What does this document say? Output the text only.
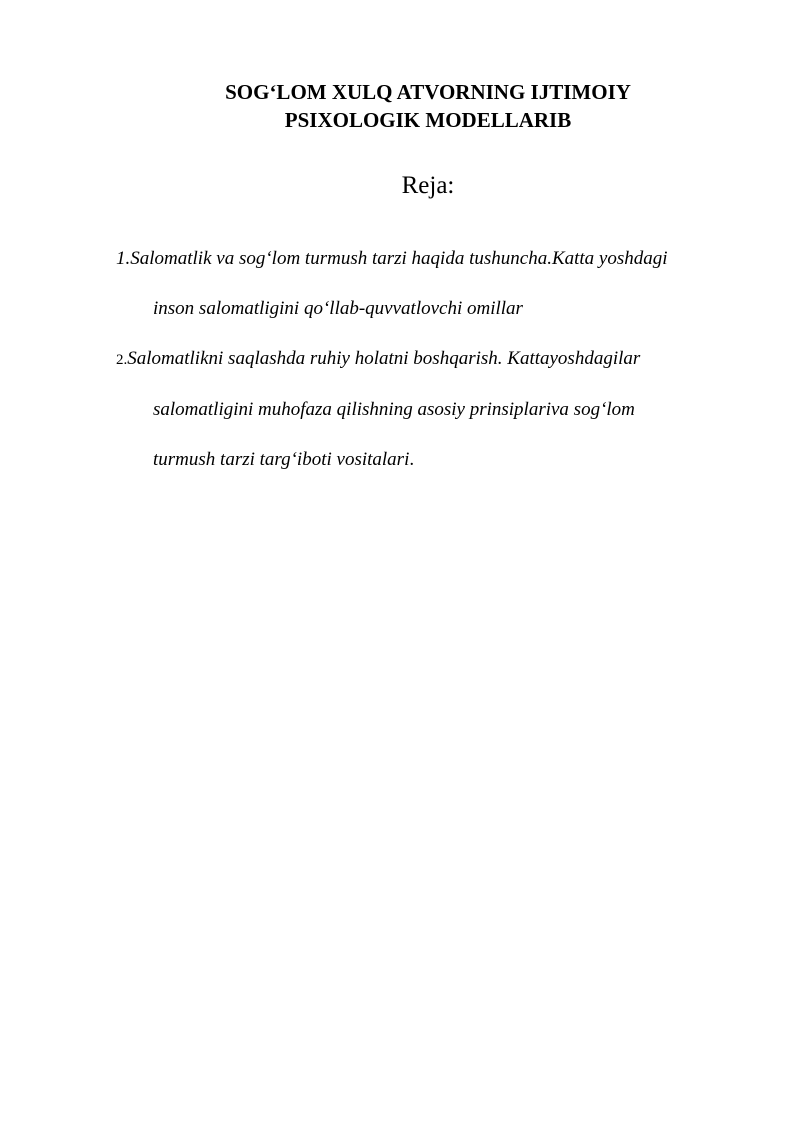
SOG‘LOM XULQ ATVORNING IJTIMOIY
PSIXOLOGIK MODELLARIB
Reja:
1.Salomatlik va sog‘lom turmush tarzi haqida tushuncha.Katta yoshdagi
inson salomatligini qo‘llab-quvvatlovchi omillar
2.Salomatlikni saqlashda ruhiy holatni boshqarish. Kattayoshdagilar
salomatligini muhofaza qilishning asosiy prinsiplariva sog‘lom
turmush tarzi targ‘iboti vositalari.
